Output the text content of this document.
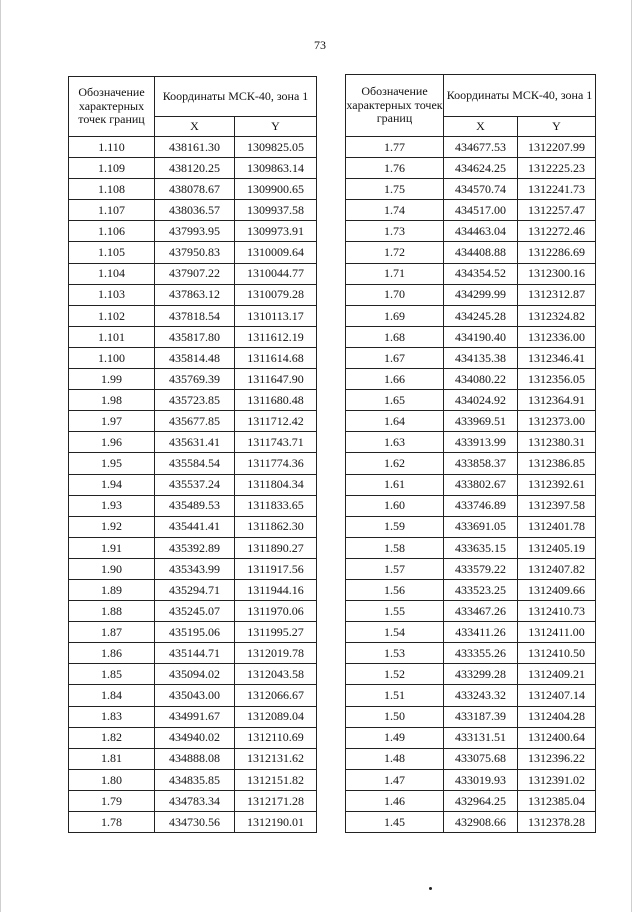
73
Обозначение характерных точек границ	Координаты МСК-40, зона 1	
	X	Y
1.110	438161.30	1309825.05
1.109	438120.25	1309863.14
1.108	438078.67	1309900.65
1.107	438036.57	1309937.58
1.106	437993.95	1309973.91
1.105	437950.83	1310009.64
1.104	437907.22	1310044.77
1.103	437863.12	1310079.28
1.102	437818.54	1310113.17
1.101	435817.80	1311612.19
1.100	435814.48	1311614.68
1.99	435769.39	1311647.90
1.98	435723.85	1311680.48
1.97	435677.85	1311712.42
1.96	435631.41	1311743.71
1.95	435584.54	1311774.36
1.94	435537.24	1311804.34
1.93	435489.53	1311833.65
1.92	435441.41	1311862.30
1.91	435392.89	1311890.27
1.90	435343.99	1311917.56
1.89	435294.71	1311944.16
1.88	435245.07	1311970.06
1.87	435195.06	1311995.27
1.86	435144.71	1312019.78
1.85	435094.02	1312043.58
1.84	435043.00	1312066.67
1.83	434991.67	1312089.04
1.82	434940.02	1312110.69
1.81	434888.08	1312131.62
1.80	434835.85	1312151.82
1.79	434783.34	1312171.28
1.78	434730.56	1312190.01
Обозначение характерных точек границ	Координаты МСК-40, зона 1	
	X	Y
1.77	434677.53	1312207.99
1.76	434624.25	1312225.23
1.75	434570.74	1312241.73
1.74	434517.00	1312257.47
1.73	434463.04	1312272.46
1.72	434408.88	1312286.69
1.71	434354.52	1312300.16
1.70	434299.99	1312312.87
1.69	434245.28	1312324.82
1.68	434190.40	1312336.00
1.67	434135.38	1312346.41
1.66	434080.22	1312356.05
1.65	434024.92	1312364.91
1.64	433969.51	1312373.00
1.63	433913.99	1312380.31
1.62	433858.37	1312386.85
1.61	433802.67	1312392.61
1.60	433746.89	1312397.58
1.59	433691.05	1312401.78
1.58	433635.15	1312405.19
1.57	433579.22	1312407.82
1.56	433523.25	1312409.66
1.55	433467.26	1312410.73
1.54	433411.26	1312411.00
1.53	433355.26	1312410.50
1.52	433299.28	1312409.21
1.51	433243.32	1312407.14
1.50	433187.39	1312404.28
1.49	433131.51	1312400.64
1.48	433075.68	1312396.22
1.47	433019.93	1312391.02
1.46	432964.25	1312385.04
1.45	432908.66	1312378.28
